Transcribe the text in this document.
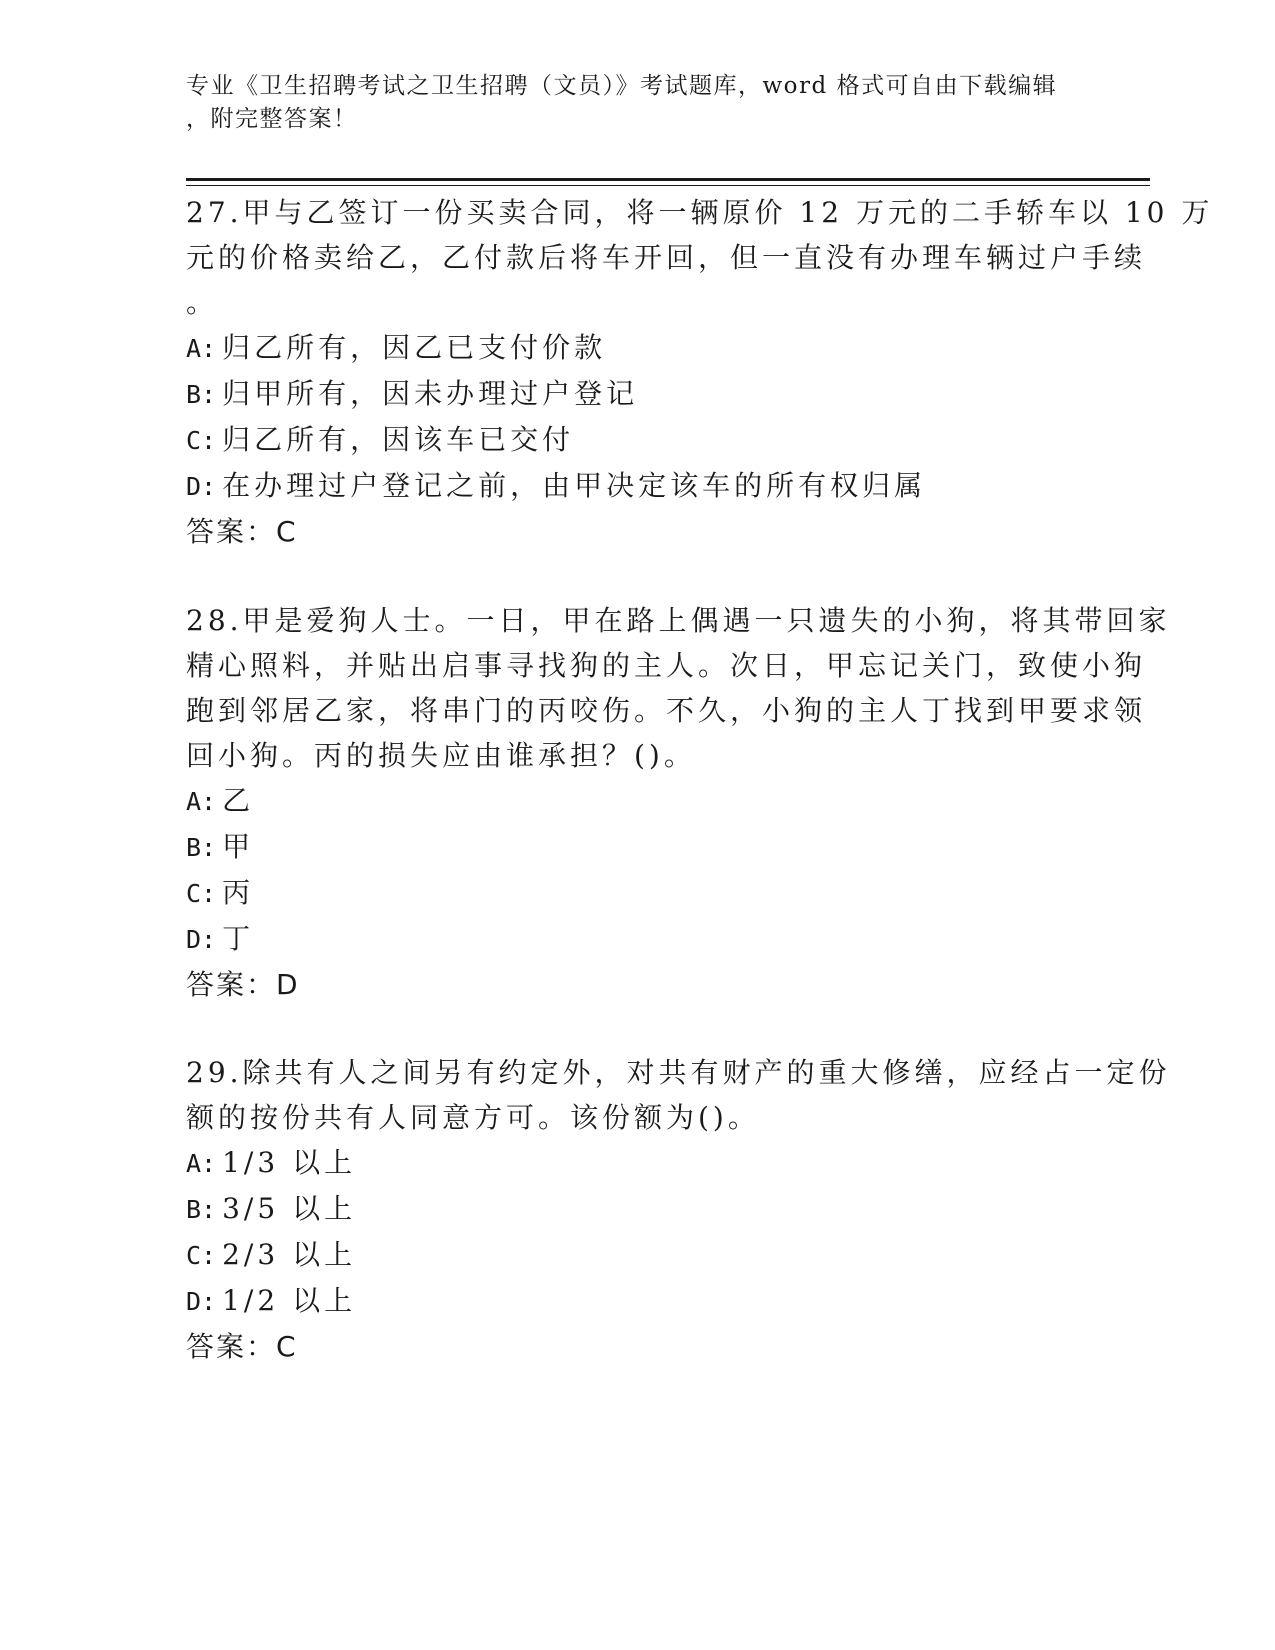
专业《卫生招聘考试之卫生招聘（文员）》考试题库，word 格式可自由下载编辑
，附完整答案！
27.甲与乙签订一份买卖合同，将一辆原价 12 万元的二手轿车以 10 万
元的价格卖给乙，乙付款后将车开回，但一直没有办理车辆过户手续
。
A: 归乙所有，因乙已支付价款
B: 归甲所有，因未办理过户登记
C: 归乙所有，因该车已交付
D: 在办理过户登记之前，由甲决定该车的所有权归属
答案：C
28.甲是爱狗人士。一日，甲在路上偶遇一只遗失的小狗，将其带回家
精心照料，并贴出启事寻找狗的主人。次日，甲忘记关门，致使小狗
跑到邻居乙家，将串门的丙咬伤。不久，小狗的主人丁找到甲要求领
回小狗。丙的损失应由谁承担？()。
A: 乙
B: 甲
C: 丙
D: 丁
答案：D
29.除共有人之间另有约定外，对共有财产的重大修缮，应经占一定份
额的按份共有人同意方可。该份额为()。
A: 1/3 以上
B: 3/5 以上
C: 2/3 以上
D: 1/2 以上
答案：C
